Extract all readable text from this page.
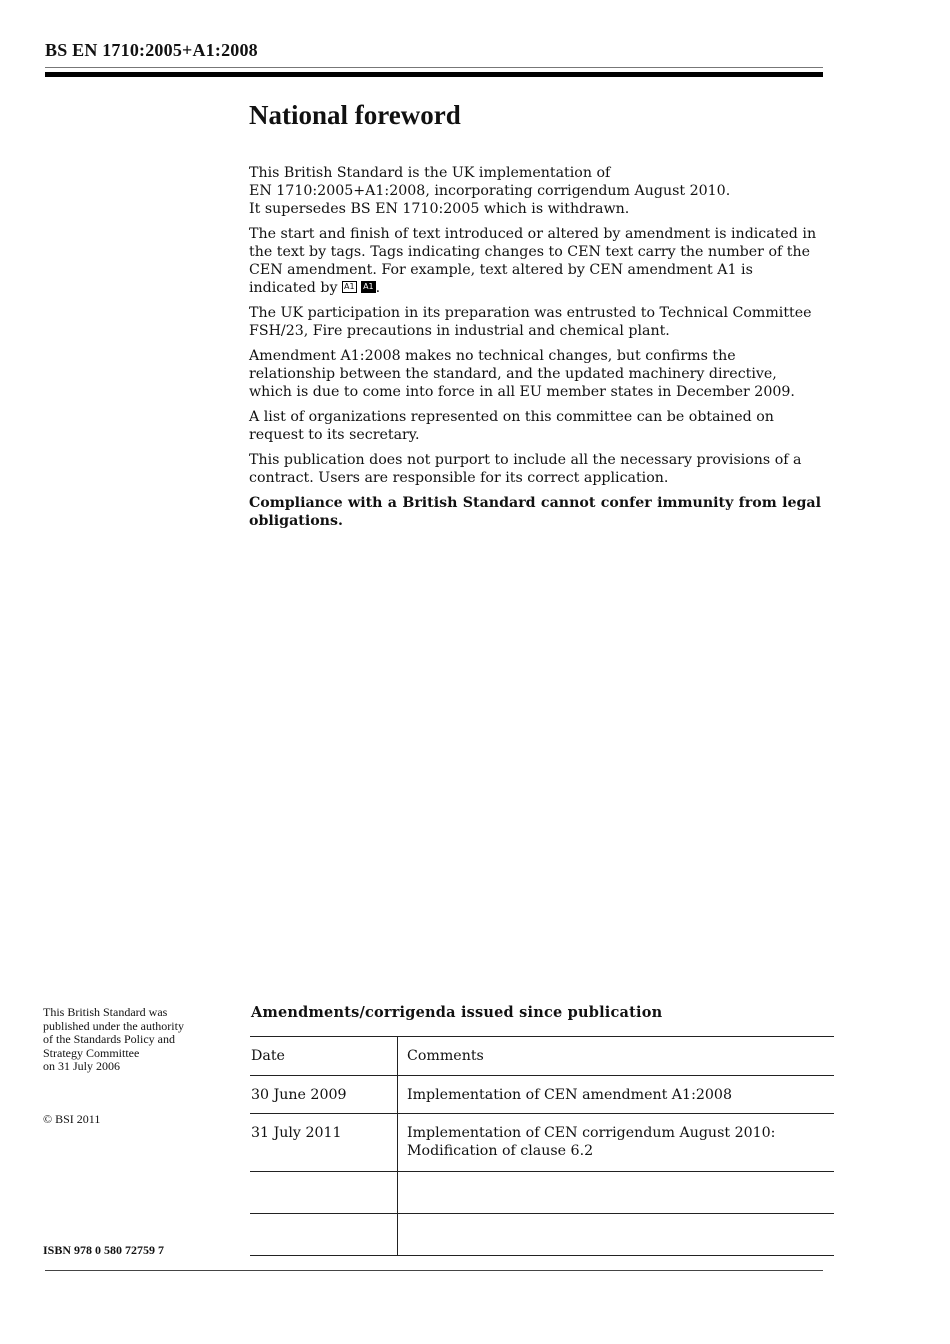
BS EN 1710:2005+A1:2008
National foreword

This British Standard is the UK implementation of
EN 1710:2005+A1:2008, incorporating corrigendum August 2010.
It supersedes BS EN 1710:2005 which is withdrawn.

The start and finish of text introduced or altered by amendment is indicated in the text by tags. Tags indicating changes to CEN text carry the number of the CEN amendment. For example, text altered by CEN amendment A1 is indicated by A1 A1 .

The UK participation in its preparation was entrusted to Technical Committee FSH/23, Fire precautions in industrial and chemical plant.

Amendment A1:2008 makes no technical changes, but confirms the relationship between the standard, and the updated machinery directive, which is due to come into force in all EU member states in December 2009.

A list of organizations represented on this committee can be obtained on request to its secretary.

This publication does not purport to include all the necessary provisions of a contract. Users are responsible for its correct application.

Compliance with a British Standard cannot confer immunity from legal obligations.

This British Standard was
published under the authority
of the Standards Policy and
Strategy Committee
on 31 July 2006
© BSI 2011
ISBN 978 0 580 72759 7
Amendments/corrigenda issued since publication
Date	Comments

30 June 2009	Implementation of CEN amendment A1:2008

31 July 2011	Implementation of CEN corrigendum August 2010:
Modification of clause 6.2
